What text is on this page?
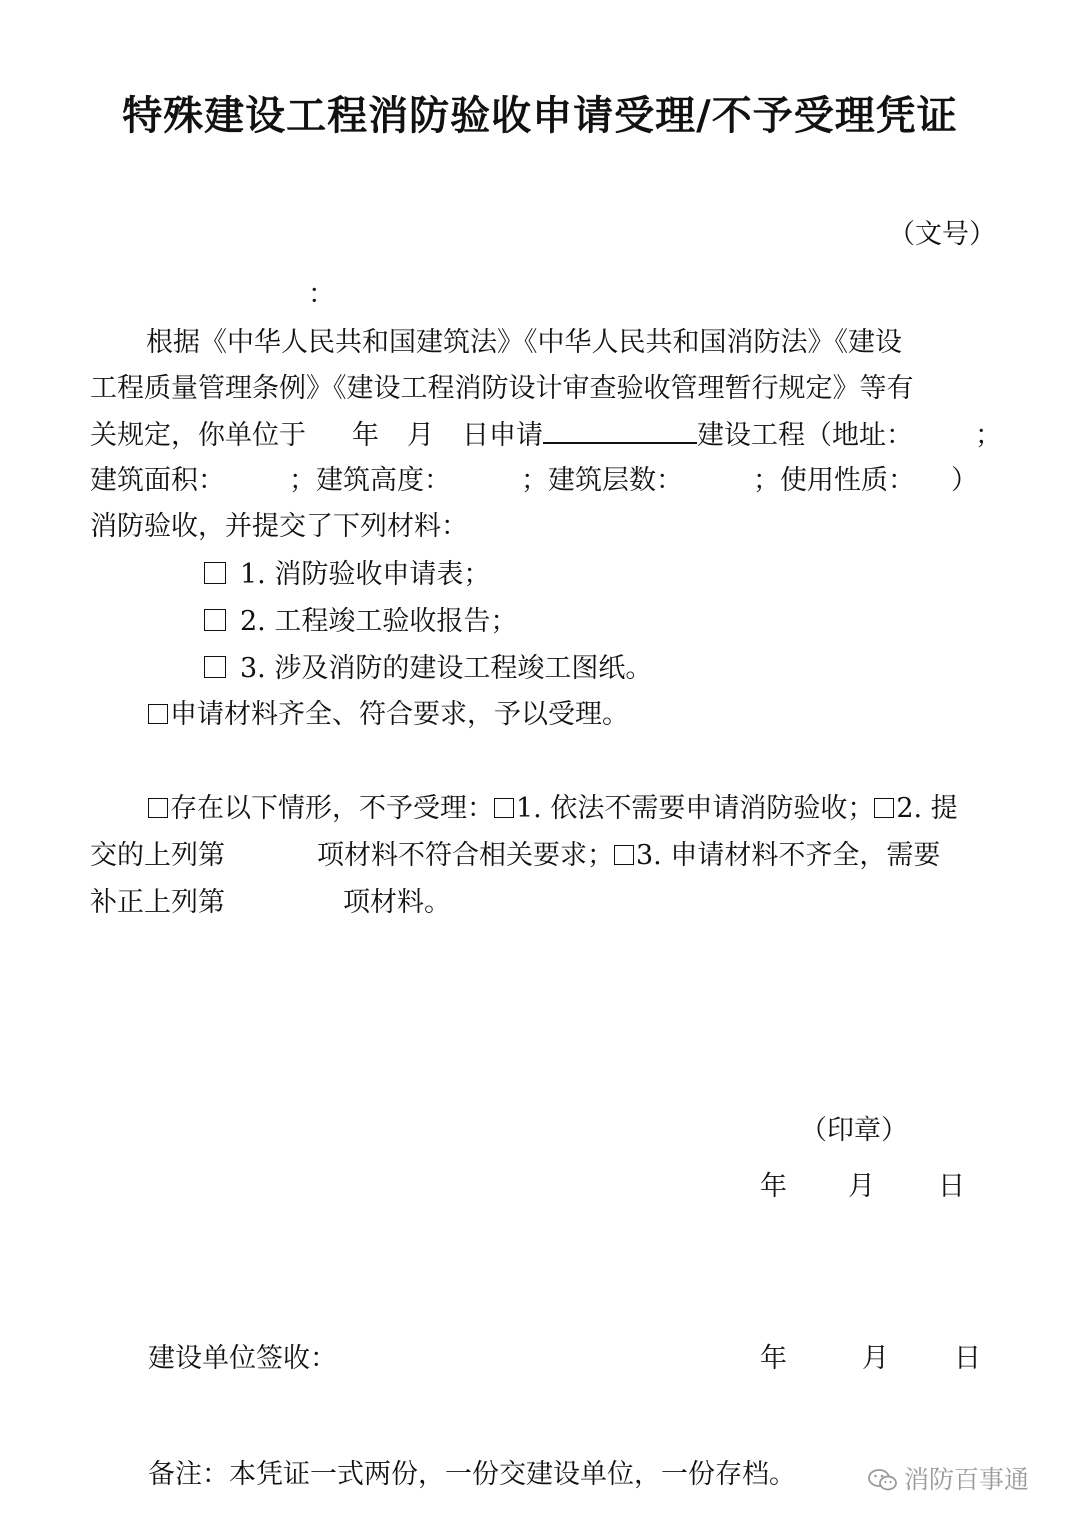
特殊建设工程消防验收申请受理/不予受理凭证
（文号）
：
根据《中华人民共和国建筑法》《中华人民共和国消防法》《建设
工程质量管理条例》《建设工程消防设计审查验收管理暂行规定》等有
关规定，你单位于 年 月 日申请	建设工程（地址： ；
建筑面积： ；建筑高度：	；建筑层数：	；使用性质： ）
消防验收，并提交了下列材料：
1. 消防验收申请表；
2. 工程竣工验收报告；
3. 涉及消防的建设工程竣工图纸。
申请材料齐全、符合要求，予以受理。
存在以下情形，不予受理： 1. 依法不需要申请消防验收； 2. 提
交的上列第	项材料不符合相关要求； 3. 申请材料不齐全，需要
补正上列第	项材料。
（印章）
年 月 日
建设单位签收：	年	月 日
备注：本凭证一式两份，一份交建设单位，一份存档。	消防百事通
